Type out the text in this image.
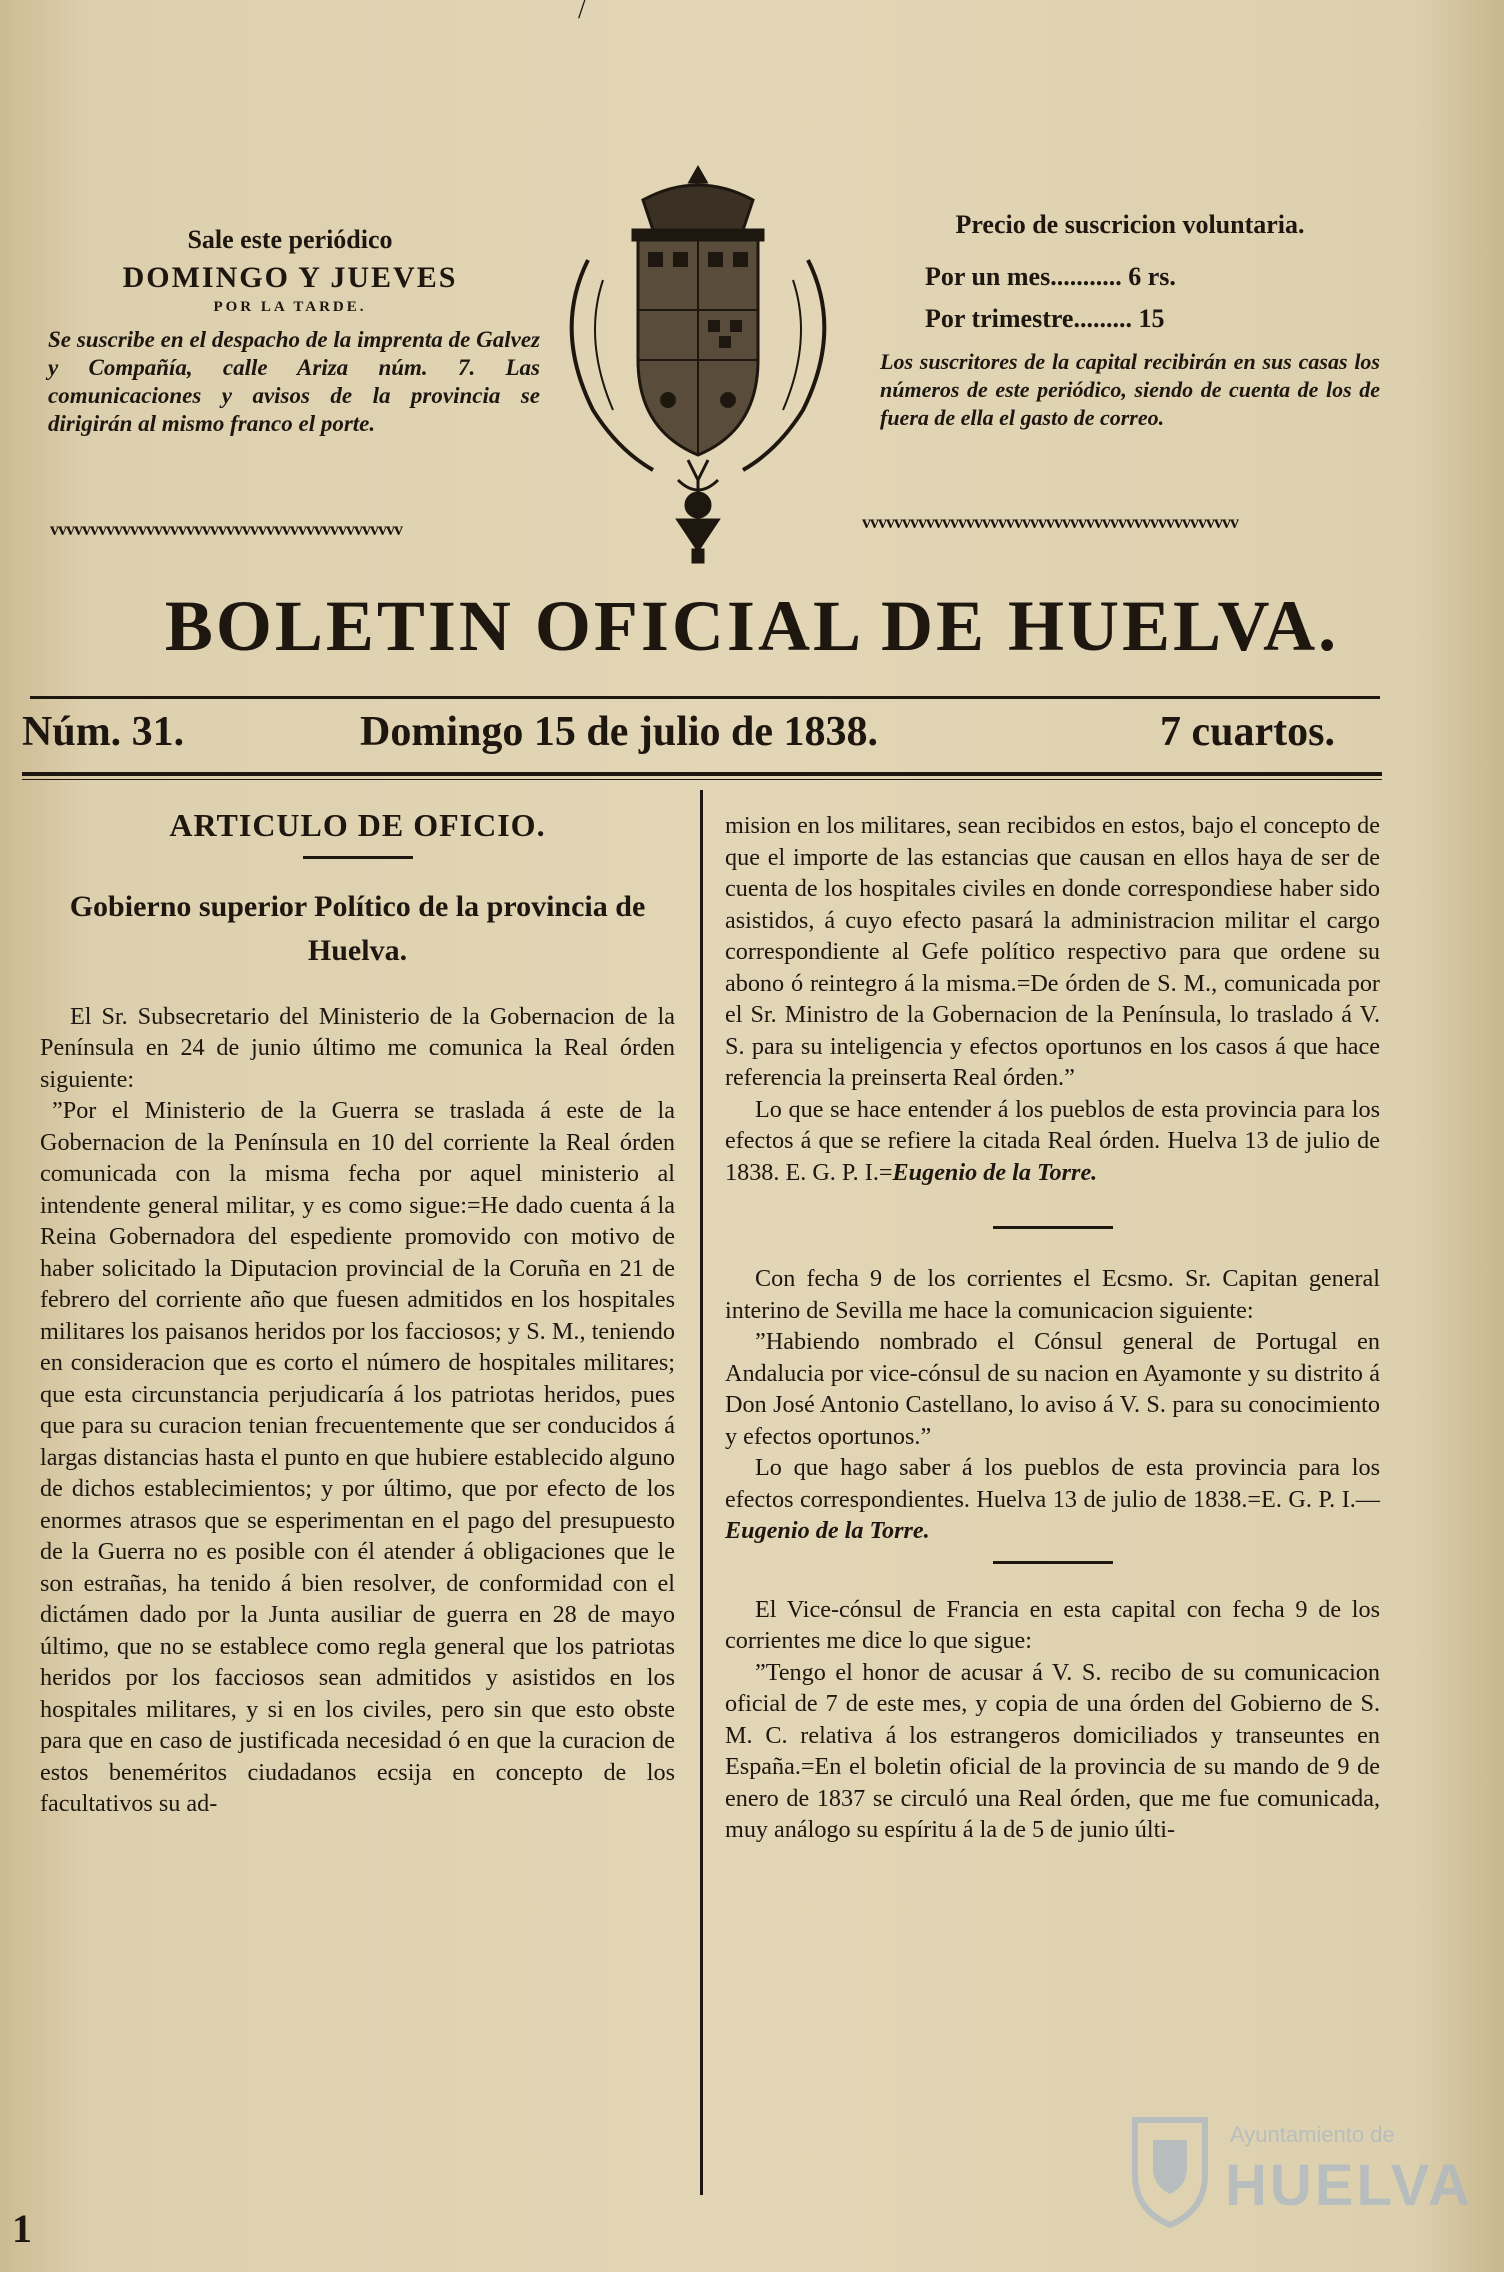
/
Sale este periódico
DOMINGO Y JUEVES
POR LA TARDE.
Se suscribe en el despacho de la imprenta de Galvez y Compañía, calle Ariza núm. 7. Las comunicaciones y avisos de la provincia se dirigirán al mismo franco el porte.
vvvvvvvvvvvvvvvvvvvvvvvvvvvvvvvvvvvvvvvvvvvv
Precio de suscricion voluntaria.
Por un mes........... 6 rs.
Por trimestre......... 15
Los suscritores de la capital recibirán en sus casas los números de este periódico, siendo de cuenta de los de fuera de ella el gasto de correo.
vvvvvvvvvvvvvvvvvvvvvvvvvvvvvvvvvvvvvvvvvvvvvvv
BOLETIN OFICIAL DE HUELVA.
Núm. 31.	Domingo 15 de julio de 1838.	7 cuartos.
ARTICULO DE OFICIO.
Gobierno superior Político de la provincia de Huelva.

El Sr. Subsecretario del Ministerio de la Gobernacion de la Península en 24 de junio último me comunica la Real órden siguiente:

”Por el Ministerio de la Guerra se traslada á este de la Gobernacion de la Península en 10 del corriente la Real órden comunicada con la misma fecha por aquel ministerio al intendente general militar, y es como sigue:=He dado cuenta á la Reina Gobernadora del espediente promovido con motivo de haber solicitado la Diputacion provincial de la Coruña en 21 de febrero del corriente año que fuesen admitidos en los hospitales militares los paisanos heridos por los facciosos; y S. M., teniendo en consideracion que es corto el número de hospitales militares; que esta circunstancia perjudicaría á los patriotas heridos, pues que para su curacion tenian frecuentemente que ser conducidos á largas distancias hasta el punto en que hubiere establecido alguno de dichos establecimientos; y por último, que por efecto de los enormes atrasos que se esperimentan en el pago del presupuesto de la Guerra no es posible con él atender á obligaciones que le son estrañas, ha tenido á bien resolver, de conformidad con el dictámen dado por la Junta ausiliar de guerra en 28 de mayo último, que no se establece como regla general que los patriotas heridos por los facciosos sean admitidos y asistidos en los hospitales militares, y si en los civiles, pero sin que esto obste para que en caso de justificada necesidad ó en que la curacion de estos beneméritos ciudadanos ecsija en concepto de los facultativos su ad-

mision en los militares, sean recibidos en estos, bajo el concepto de que el importe de las estancias que causan en ellos haya de ser de cuenta de los hospitales civiles en donde correspondiese haber sido asistidos, á cuyo efecto pasará la administracion militar el cargo correspondiente al Gefe político respectivo para que ordene su abono ó reintegro á la misma.=De órden de S. M., comunicada por el Sr. Ministro de la Gobernacion de la Península, lo traslado á V. S. para su inteligencia y efectos oportunos en los casos á que hace referencia la preinserta Real órden.”

Lo que se hace entender á los pueblos de esta provincia para los efectos á que se refiere la citada Real órden. Huelva 13 de julio de 1838. E. G. P. I.=Eugenio de la Torre.

Con fecha 9 de los corrientes el Ecsmo. Sr. Capitan general interino de Sevilla me hace la comunicacion siguiente:

”Habiendo nombrado el Cónsul general de Portugal en Andalucia por vice-cónsul de su nacion en Ayamonte y su distrito á Don José Antonio Castellano, lo aviso á V. S. para su conocimiento y efectos oportunos.”

Lo que hago saber á los pueblos de esta provincia para los efectos correspondientes. Huelva 13 de julio de 1838.=E. G. P. I.—Eugenio de la Torre.

El Vice-cónsul de Francia en esta capital con fecha 9 de los corrientes me dice lo que sigue:

”Tengo el honor de acusar á V. S. recibo de su comunicacion oficial de 7 de este mes, y copia de una órden del Gobierno de S. M. C. relativa á los estrangeros domiciliados y transeuntes en España.=En el boletin oficial de la provincia de su mando de 9 de enero de 1837 se circuló una Real órden, que me fue comunicada, muy análogo su espíritu á la de 5 de junio últi-

1
Ayuntamiento de
HUELVA
